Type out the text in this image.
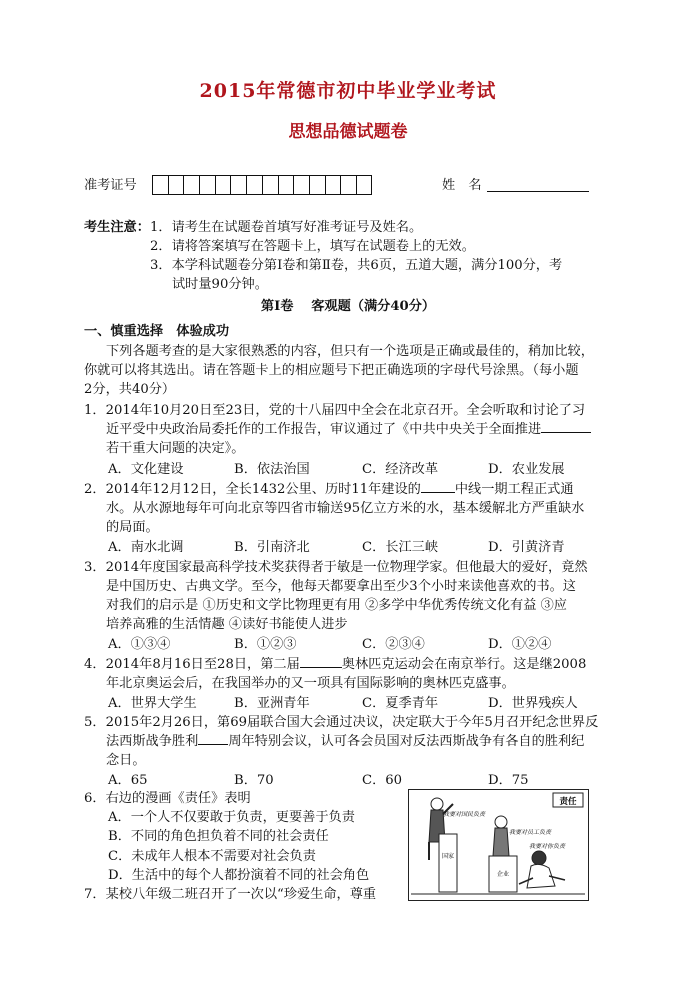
2015年常德市初中毕业学业考试
思想品德试题卷
准考证号	姓　名
考生注意： 1．请考生在试题卷首填写好准考证号及姓名。
2．请将答案填写在答题卡上，填写在试题卷上的无效。
3．本学科试题卷分第Ⅰ卷和第Ⅱ卷，共6页，五道大题，满分100分，考
试时量90分钟。
第Ⅰ卷　 客观题（满分40分）
一、慎重选择　体验成功
下列各题考查的是大家很熟悉的内容，但只有一个选项是正确或最佳的，稍加比较，
你就可以将其选出。请在答题卡上的相应题号下把正确选项的字母代号涂黑。（每小题
2分，共40分）
1．2014年10月20日至23日，党的十八届四中全会在北京召开。全会听取和讨论了习
近平受中央政治局委托作的工作报告，审议通过了《中共中央关于全面推进
若干重大问题的决定》。
A．文化建设	B．依法治国	C．经济改革	D．农业发展
2．2014年12月12日，全长1432公里、历时11年建设的	中线一期工程正式通
水。从水源地每年可向北京等四省市输送95亿立方米的水，基本缓解北方严重缺水
的局面。
A．南水北调	B．引南济北	C．长江三峡	D．引黄济青
3．2014年度国家最高科学技术奖获得者于敏是一位物理学家。但他最大的爱好，竟然
是中国历史、古典文学。至今，他每天都要拿出至少3个小时来读他喜欢的书。这
对我们的启示是 ①历史和文学比物理更有用 ②多学中华优秀传统文化有益 ③应
培养高雅的生活情趣 ④读好书能使人进步
A．①③④	B．①②③	C．②③④	D．①②④
4．2014年8月16日至28日，第二届	奥林匹克运动会在南京举行。这是继2008
年北京奥运会后，在我国举办的又一项具有国际影响的奥林匹克盛事。
A．世界大学生	B．亚洲青年	C．夏季青年	D．世界残疾人
5．2015年2月26日，第69届联合国大会通过决议，决定联大于今年5月召开纪念世界反
法西斯战争胜利 周年特别会议，认可各会员国对反法西斯战争有各自的胜利纪
念日。
A．65	B．70	C．60	D．75
6．右边的漫画《责任》表明
A．一个人不仅要敢于负责，更要善于负责
B．不同的角色担负着不同的社会责任
C．未成年人根本不需要对社会负责
D．生活中的每个人都扮演着不同的社会角色
7．某校八年级二班召开了一次以“珍爱生命，尊重
责任
国家
我要对国民负责
企业
我要对员工负责
我要对你负责
